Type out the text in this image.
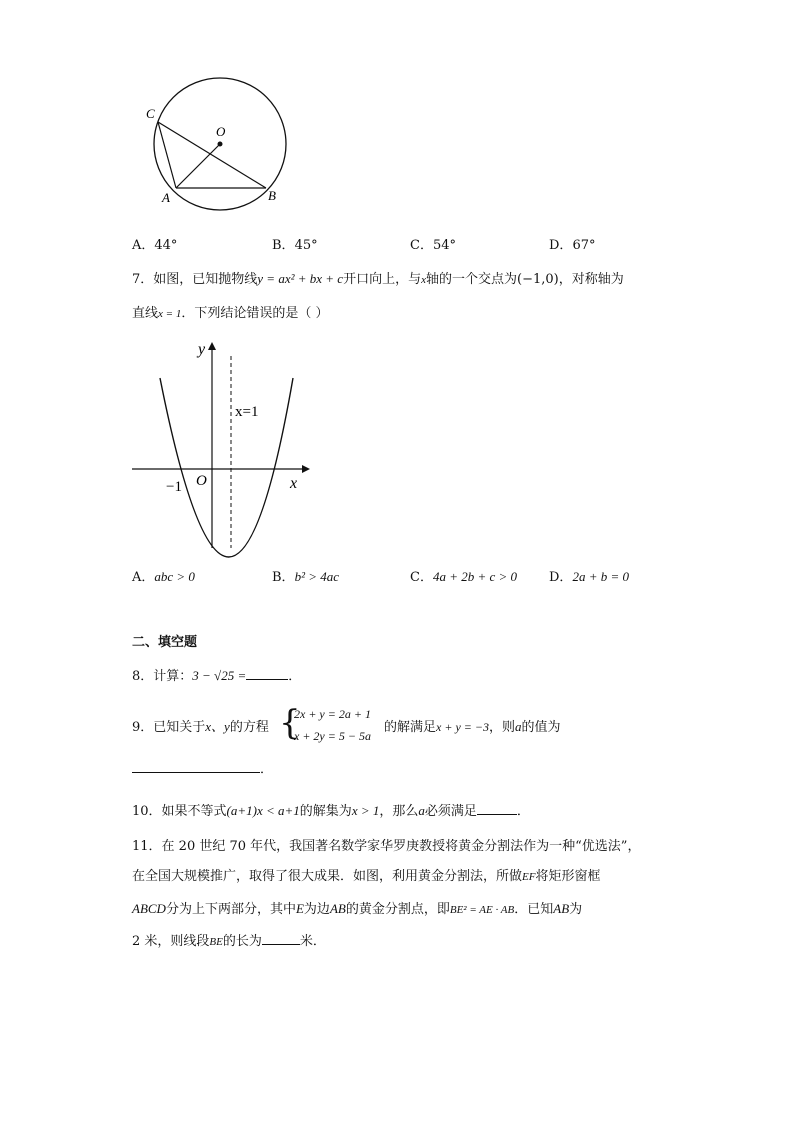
C
O
A	B
A．44°	B．45°	C．54°	D．67°
7．如图，已知抛物线y = ax² + bx + c开口向上，与x轴的一个交点为(−1,0)，对称轴为
直线x = 1．下列结论错误的是（ ）
y
x
x=1
O
−1
A．abc > 0	B．b² > 4ac	C．4a + 2b + c > 0 D．2a + b = 0
二、填空题
8．计算：3 − √25 =	．
9．已知关于x、y的方程 {
2x + y = 2a + 1
x + 2y = 5 − 5a
的解满足x + y = −3，则a的值为
．
10．如果不等式(a+1)x < a+1的解集为x > 1，那么a必须满足	．
11．在 20 世纪 70 年代，我国著名数学家华罗庚教授将黄金分割法作为一种“优选法”，
在全国大规模推广，取得了很大成果．如图，利用黄金分割法，所做EF将矩形窗框
ABCD分为上下两部分，其中E为边AB的黄金分割点，即BE² = AE · AB．已知AB为
2 米，则线段BE的长为	米．
